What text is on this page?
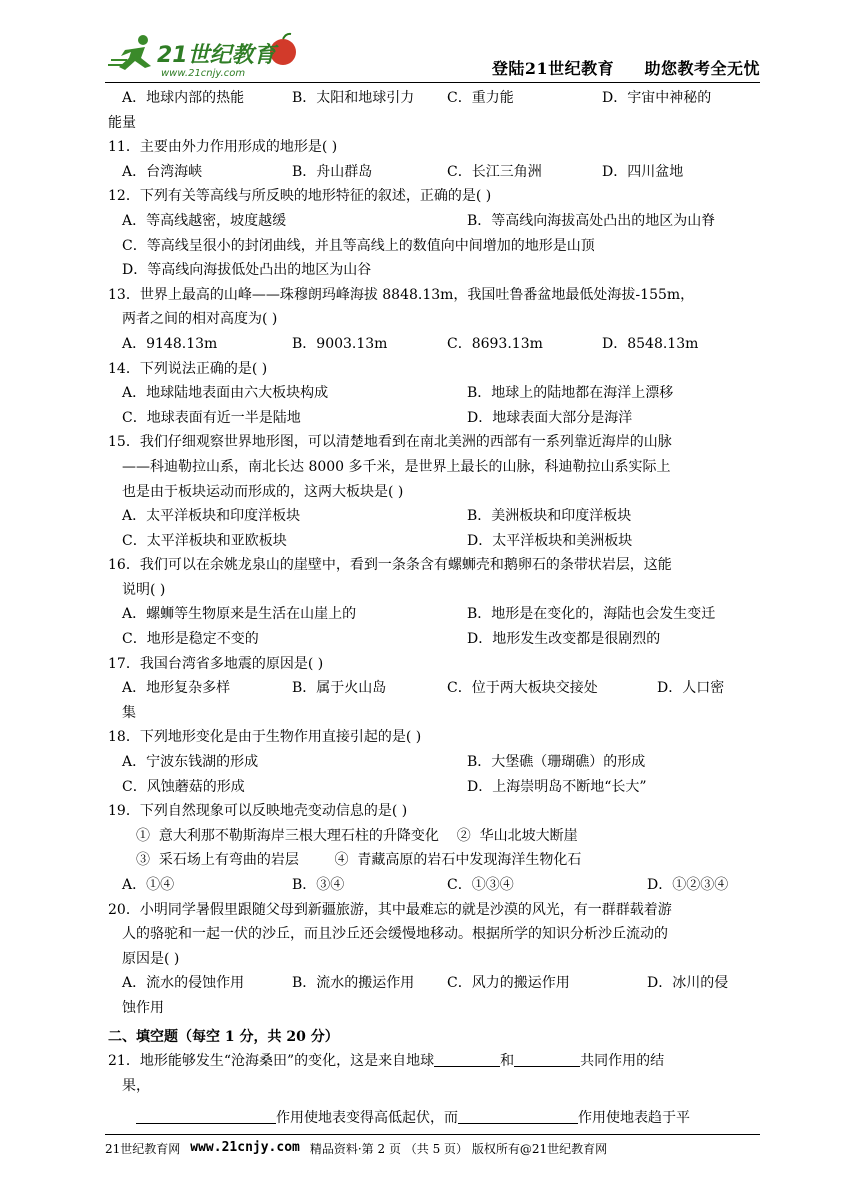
21世纪教育
www.21cnjy.com	登陆21世纪教育     助您教考全无忧
A．地球内部的热能	B．太阳和地球引力	C．重力能	D．宇宙中神秘的
能量
11．主要由外力作用形成的地形是( )
A．台湾海峡	B．舟山群岛	C．长江三角洲	D．四川盆地
12．下列有关等高线与所反映的地形特征的叙述，正确的是( )
A．等高线越密，坡度越缓	B．等高线向海拔高处凸出的地区为山脊
C．等高线呈很小的封闭曲线，并且等高线上的数值向中间增加的地形是山顶
D．等高线向海拔低处凸出的地区为山谷
13．世界上最高的山峰——珠穆朗玛峰海拔 8848.13m，我国吐鲁番盆地最低处海拔-155m，
两者之间的相对高度为( )
A．9148.13m	B．9003.13m	C．8693.13m	D．8548.13m
14．下列说法正确的是( )
A．地球陆地表面由六大板块构成	B．地球上的陆地都在海洋上漂移
C．地球表面有近一半是陆地	D．地球表面大部分是海洋
15．我们仔细观察世界地形图，可以清楚地看到在南北美洲的西部有一系列靠近海岸的山脉
——科迪勒拉山系，南北长达 8000 多千米，是世界上最长的山脉，科迪勒拉山系实际上
也是由于板块运动而形成的，这两大板块是( )
A．太平洋板块和印度洋板块	B．美洲板块和印度洋板块
C．太平洋板块和亚欧板块	D．太平洋板块和美洲板块
16．我们可以在余姚龙泉山的崖壁中，看到一条条含有螺蛳壳和鹅卵石的条带状岩层，这能
说明( )
A．螺蛳等生物原来是生活在山崖上的	B．地形是在变化的，海陆也会发生变迁
C．地形是稳定不变的	D．地形发生改变都是很剧烈的
17．我国台湾省多地震的原因是( )
A．地形复杂多样	B．属于火山岛	C．位于两大板块交接处	D．人口密
集
18．下列地形变化是由于生物作用直接引起的是( )
A．宁波东钱湖的形成	B．大堡礁（珊瑚礁）的形成
C．风蚀蘑菇的形成	D．上海崇明岛不断地“长大”
19．下列自然现象可以反映地壳变动信息的是( )
①  意大利那不勒斯海岸三根大理石柱的升降变化    ②  华山北坡大断崖
③  采石场上有弯曲的岩层        ④  青藏高原的岩石中发现海洋生物化石
A．①④	B．③④	C．①③④	D．①②③④
20．小明同学暑假里跟随父母到新疆旅游，其中最难忘的就是沙漠的风光，有一群群载着游
人的骆驼和一起一伏的沙丘，而且沙丘还会缓慢地移动。根据所学的知识分析沙丘流动的
原因是( )
A．流水的侵蚀作用	B．流水的搬运作用	C．风力的搬运作用	D．冰川的侵
蚀作用
二、填空题（每空 1 分，共 20 分）
21．地形能够发生“沧海桑田”的变化，这是来自地球	和	共同作用的结
果，
作用使地表变得高低起伏，而	作用使地表趋于平
21世纪教育网 www.21cnjy.com 精品资料·第 2 页 （共 5 页） 版权所有@21世纪教育网
